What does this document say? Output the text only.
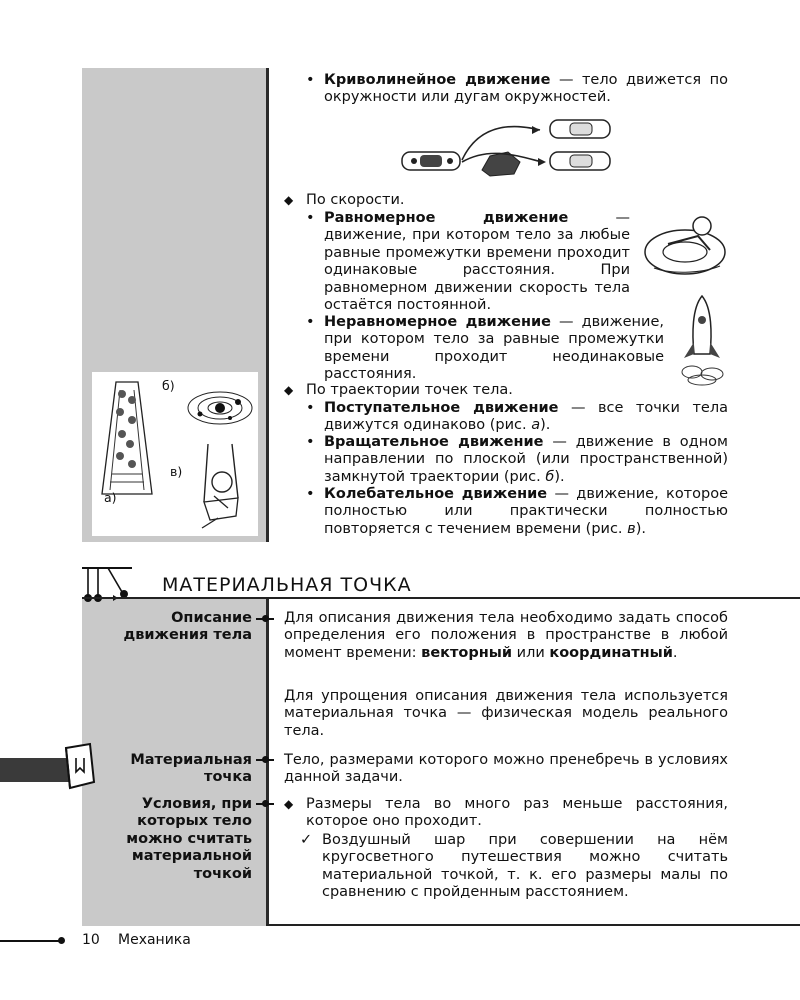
• Криволинейное движение — тело движется по окружности или дугам окружностей.
◆ По скорости.
• Равномерное движение — движение, при котором тело за любые равные промежутки времени проходит одинаковые расстояния. При равномерном движении скорость тела остаётся постоянной.
• Неравномерное движение — движение, при котором тело за равные промежутки времени проходит неодинаковые расстояния.
◆ По траектории точек тела.
• Поступательное движение — все точки тела движутся одинаково (рис. а).
• Вращательное движение — движение в одном направлении по плоской (или пространственной) замкнутой траектории (рис. б).
• Колебательное движение — движение, которое полностью или практически полностью повторяется с течением времени (рис. в).
а)
б)
в)
МАТЕРИАЛЬНАЯ ТОЧКА
Описание движения тела
Для описания движения тела необходимо задать способ определения его положения в пространстве в любой момент времени: векторный или координатный.
Для упрощения описания движения тела используется материальная точка — физическая модель реального тела.
Материальная точка
Тело, размерами которого можно пренебречь в условиях данной задачи.
Условия, при которых тело можно считать материальной точкой
◆ Размеры тела во много раз меньше расстояния, которое оно проходит.
✓ Воздушный шар при совершении на нём кругосветного путешествия можно считать материальной точкой, т. к. его размеры малы по сравнению с пройденным расстоянием.
10 Механика
